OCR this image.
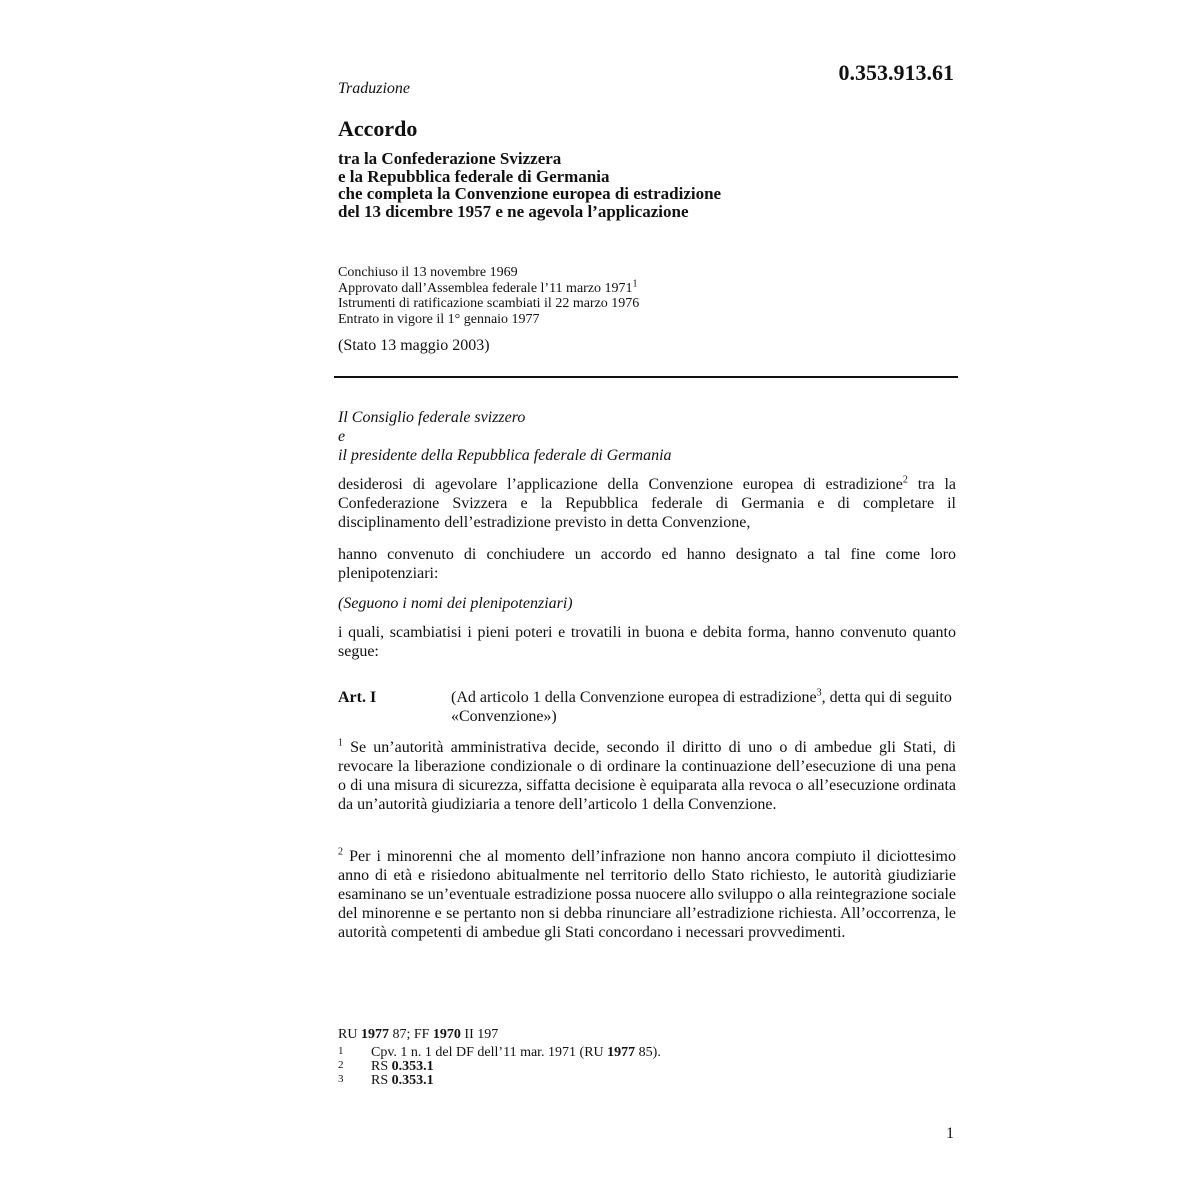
0.353.913.61
Traduzione
Accordo
tra la Confederazione Svizzera
e la Repubblica federale di Germania
che completa la Convenzione europea di estradizione
del 13 dicembre 1957 e ne agevola l’applicazione
Conchiuso il 13 novembre 1969
Approvato dall’Assemblea federale l’11 marzo 1971$^1$
Istrumenti di ratificazione scambiati il 22 marzo 1976
Entrato in vigore il 1° gennaio 1977
(Stato 13 maggio 2003)
Il Consiglio federale svizzero
e
il presidente della Repubblica federale di Germania
desiderosi di agevolare l’applicazione della Convenzione europea di estradizione$^2$ tra la Confederazione Svizzera e la Repubblica federale di Germania e di completare il disciplinamento dell’estradizione previsto in detta Convenzione,
hanno convenuto di conchiudere un accordo ed hanno designato a tal fine come loro plenipotenziari:
(Seguono i nomi dei plenipotenziari)
i quali, scambiatisi i pieni poteri e trovatili in buona e debita forma, hanno convenuto quanto segue:
Art. I	(Ad articolo 1 della Convenzione europea di estradizione$^3$, detta qui di seguito «Convenzione»)
$^1$ Se un’autorità amministrativa decide, secondo il diritto di uno o di ambedue gli Stati, di revocare la liberazione condizionale o di ordinare la continuazione dell’esecuzione di una pena o di una misura di sicurezza, siffatta decisione è equiparata alla revoca o all’esecuzione ordinata da un’autorità giudiziaria a tenore dell’articolo 1 della Convenzione.
$^2$ Per i minorenni che al momento dell’infrazione non hanno ancora compiuto il diciottesimo anno di età e risiedono abitualmente nel territorio dello Stato richiesto, le autorità giudiziarie esaminano se un’eventuale estradizione possa nuocere allo sviluppo o alla reintegrazione sociale del minorenne e se pertanto non si debba rinunciare all’estradizione richiesta. All’occorrenza, le autorità competenti di ambedue gli Stati concordano i necessari provvedimenti.
RU 1977 87; FF 1970 II 197
1 Cpv. 1 n. 1 del DF dell’11 mar. 1971 (RU 1977 85).
2 RS 0.353.1
3 RS 0.353.1
1
